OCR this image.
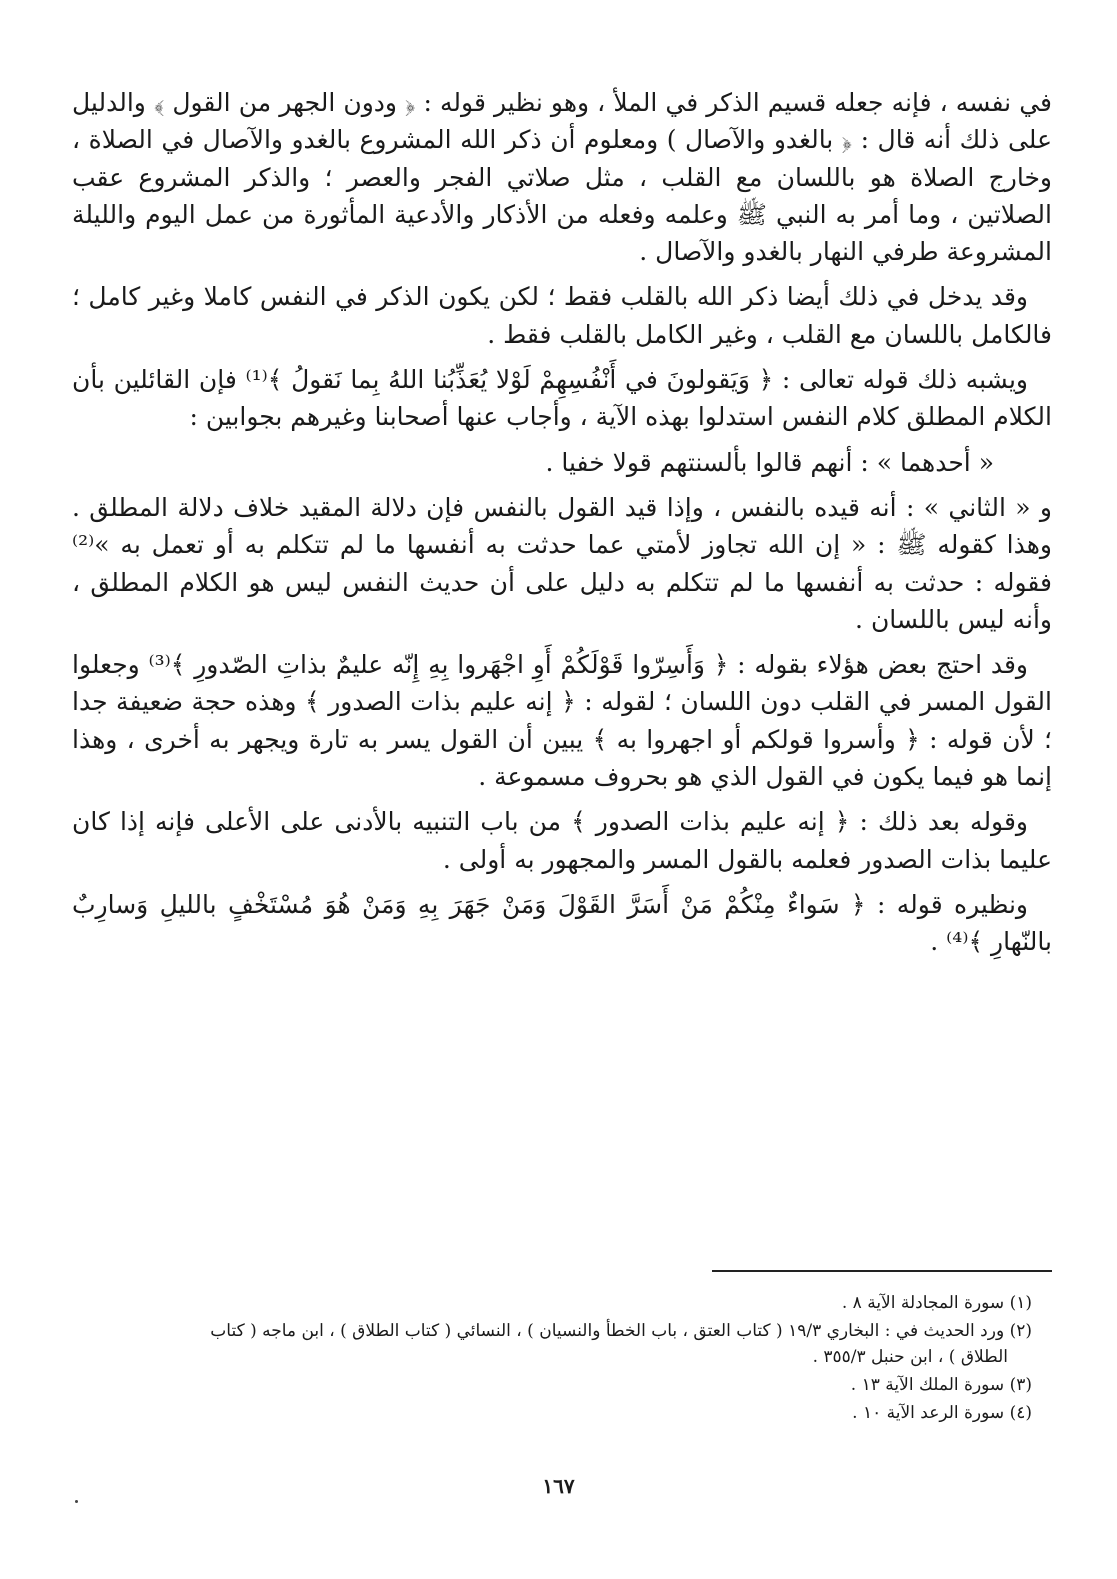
في نفسه ، فإنه جعله قسيم الذكر في الملأ ، وهو نظير قوله : ﴿ ودون الجهر من القول ﴾ والدليل على ذلك أنه قال : ﴿ بالغدو والآصال ) ومعلوم أن ذكر الله المشروع بالغدو والآصال في الصلاة ، وخارج الصلاة هو باللسان مع القلب ، مثل صلاتي الفجر والعصر ؛ والذكر المشروع عقب الصلاتين ، وما أمر به النبي ﷺ وعلمه وفعله من الأذكار والأدعية المأثورة من عمل اليوم والليلة المشروعة طرفي النهار بالغدو والآصال .

وقد يدخل في ذلك أيضا ذكر الله بالقلب فقط ؛ لكن يكون الذكر في النفس كاملا وغير كامل ؛ فالكامل باللسان مع القلب ، وغير الكامل بالقلب فقط .

ويشبه ذلك قوله تعالى : ﴿ وَيَقولونَ في أَنْفُسِهِمْ لَوْلا يُعَذِّبُنا اللهُ بِما نَقولُ ﴾⁽¹⁾ فإن القائلين بأن الكلام المطلق كلام النفس استدلوا بهذه الآية ، وأجاب عنها أصحابنا وغيرهم بجوابين :

« أحدهما » : أنهم قالوا بألسنتهم قولا خفيا .

و « الثاني » : أنه قيده بالنفس ، وإذا قيد القول بالنفس فإن دلالة المقيد خلاف دلالة المطلق . وهذا كقوله ﷺ : « إن الله تجاوز لأمتي عما حدثت به أنفسها ما لم تتكلم به أو تعمل به »⁽²⁾ فقوله : حدثت به أنفسها ما لم تتكلم به دليل على أن حديث النفس ليس هو الكلام المطلق ، وأنه ليس باللسان .

وقد احتج بعض هؤلاء بقوله : ﴿ وَأَسِرّوا قَوْلَكُمْ أَوِ اجْهَروا بِهِ إِنّه عليمٌ بذاتِ الصّدورِ ﴾⁽³⁾ وجعلوا القول المسر في القلب دون اللسان ؛ لقوله : ﴿ إنه عليم بذات الصدور ﴾ وهذه حجة ضعيفة جدا ؛ لأن قوله : ﴿ وأسروا قولكم أو اجهروا به ﴾ يبين أن القول يسر به تارة ويجهر به أخرى ، وهذا إنما هو فيما يكون في القول الذي هو بحروف مسموعة .

وقوله بعد ذلك : ﴿ إنه عليم بذات الصدور ﴾ من باب التنبيه بالأدنى على الأعلى فإنه إذا كان عليما بذات الصدور فعلمه بالقول المسر والمجهور به أولى .

ونظيره قوله : ﴿ سَواءٌ مِنْكُمْ مَنْ أَسَرَّ القَوْلَ وَمَنْ جَهَرَ بِهِ وَمَنْ هُوَ مُسْتَخْفٍ بالليلِ وَسارِبٌ بالنّهارِ ﴾⁽⁴⁾ .

(١) سورة المجادلة الآية ٨ .

(٢) ورد الحديث في : البخاري ١٩/٣ ( كتاب العتق ، باب الخطأ والنسيان ) ، النسائي ( كتاب الطلاق ) ، ابن ماجه ( كتاب
الطلاق ) ، ابن حنبل ٣٥٥/٣ .

(٣) سورة الملك الآية ١٣ .

(٤) سورة الرعد الآية ١٠ .

١٦٧
